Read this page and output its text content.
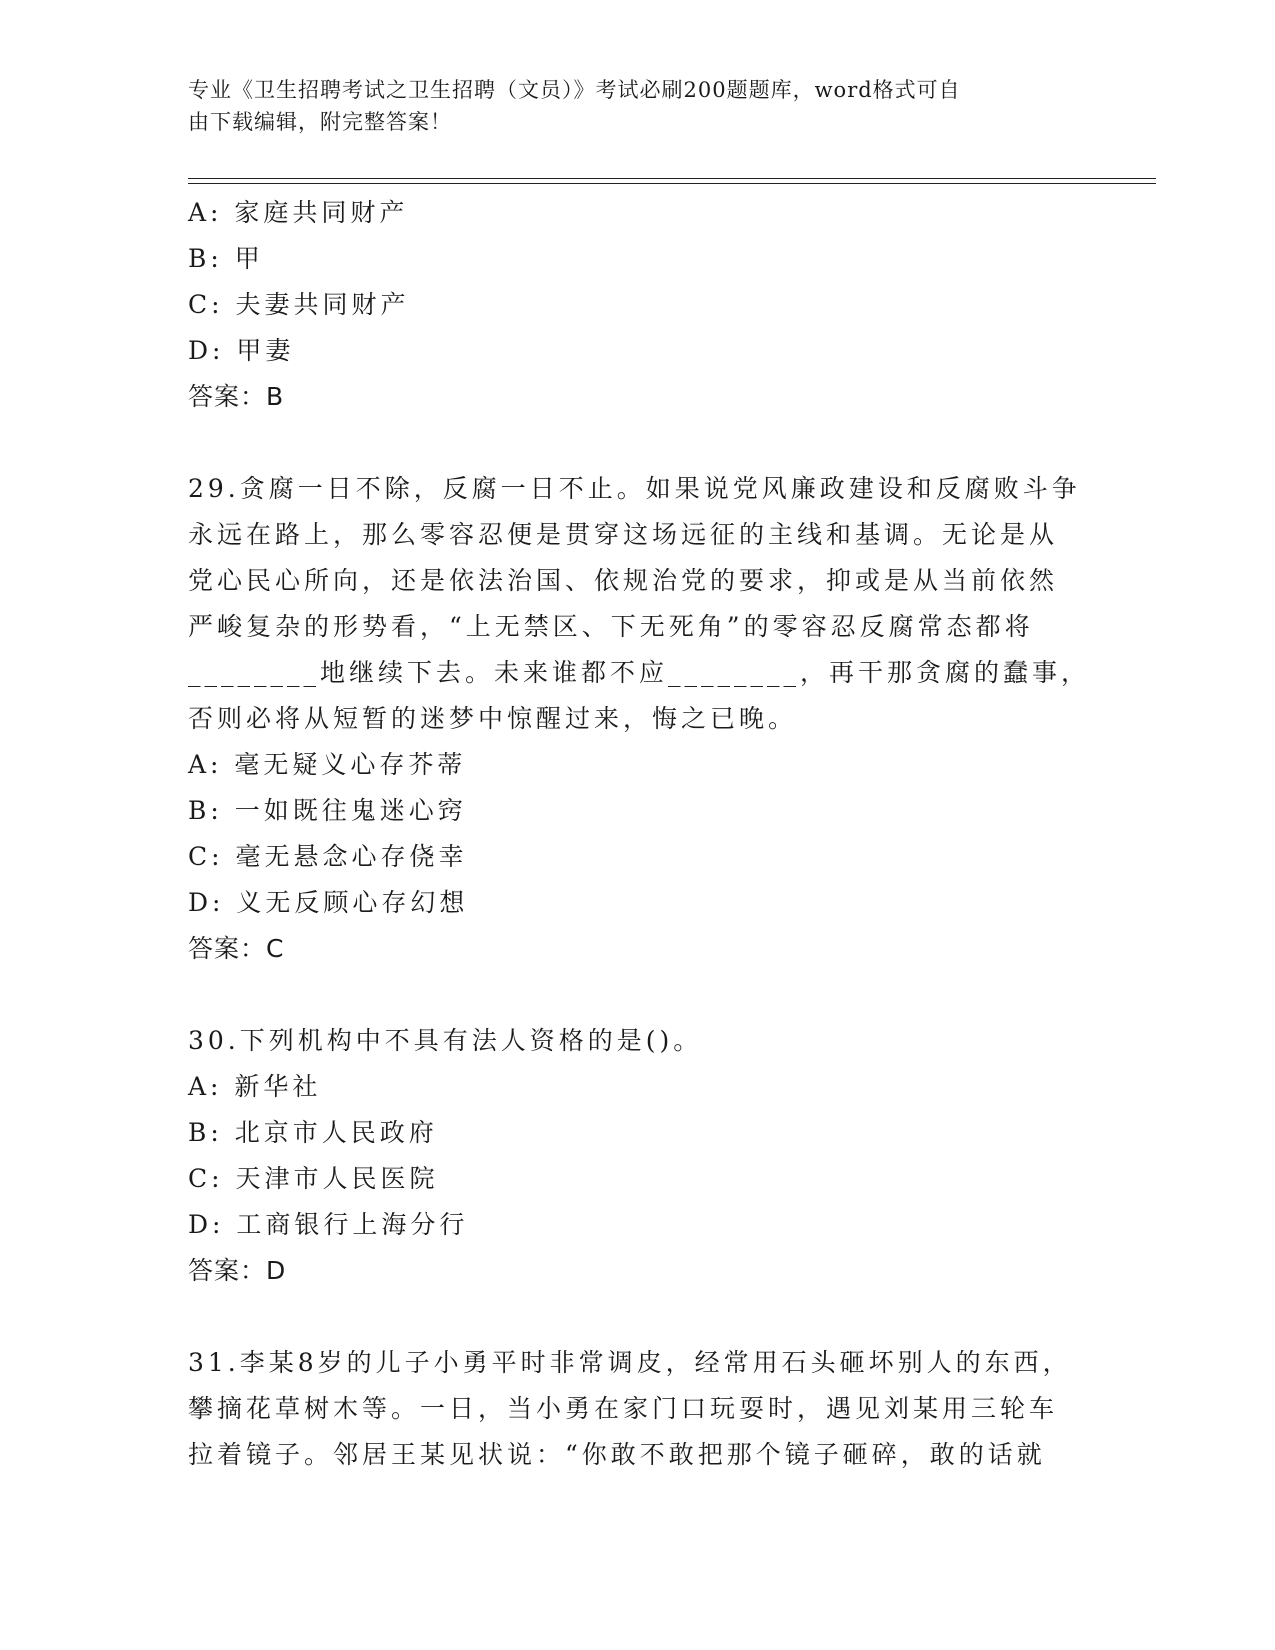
专业《卫生招聘考试之卫生招聘（文员）》考试必刷200题题库，word格式可自
由下载编辑，附完整答案！
A: 家庭共同财产
B: 甲
C: 夫妻共同财产
D: 甲妻
答案：B
29.贪腐一日不除，反腐一日不止。如果说党风廉政建设和反腐败斗争
永远在路上，那么零容忍便是贯穿这场远征的主线和基调。无论是从
党心民心所向，还是依法治国、依规治党的要求，抑或是从当前依然
严峻复杂的形势看，“上无禁区、下无死角”的零容忍反腐常态都将
________地继续下去。未来谁都不应________，再干那贪腐的蠢事，
否则必将从短暂的迷梦中惊醒过来，悔之已晚。
A: 毫无疑义心存芥蒂
B: 一如既往鬼迷心窍
C: 毫无悬念心存侥幸
D: 义无反顾心存幻想
答案：C
30.下列机构中不具有法人资格的是()。
A: 新华社
B: 北京市人民政府
C: 天津市人民医院
D: 工商银行上海分行
答案：D
31.李某8岁的儿子小勇平时非常调皮，经常用石头砸坏别人的东西，
攀摘花草树木等。一日，当小勇在家门口玩耍时，遇见刘某用三轮车
拉着镜子。邻居王某见状说：“你敢不敢把那个镜子砸碎，敢的话就
